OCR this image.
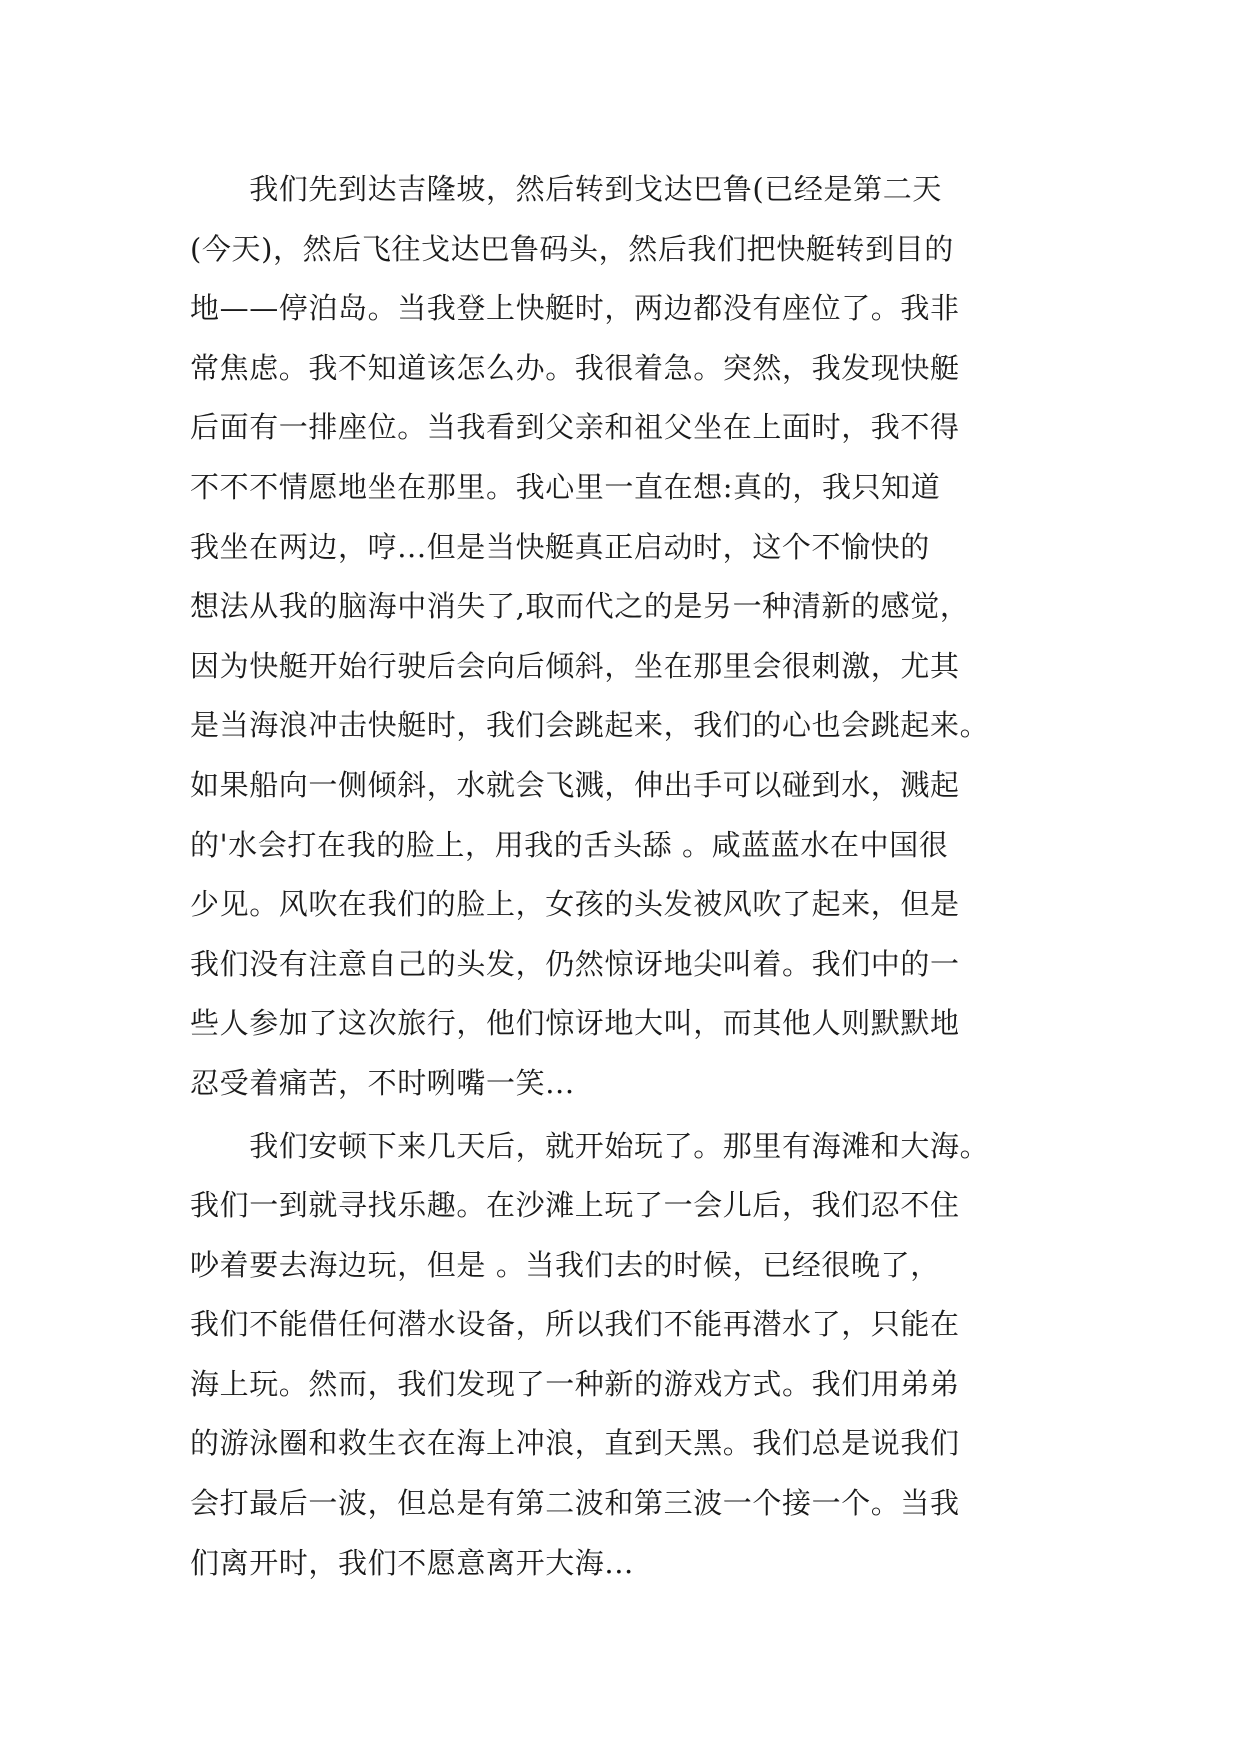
　　我们先到达吉隆坡，然后转到戈达巴鲁(已经是第二天
(今天)，然后飞往戈达巴鲁码头，然后我们把快艇转到目的
地——停泊岛。当我登上快艇时，两边都没有座位了。我非
常焦虑。我不知道该怎么办。我很着急。突然，我发现快艇
后面有一排座位。当我看到父亲和祖父坐在上面时，我不得
不不不情愿地坐在那里。我心里一直在想:真的，我只知道
我坐在两边，哼...但是当快艇真正启动时，这个不愉快的
想法从我的脑海中消失了,取而代之的是另一种清新的感觉，
因为快艇开始行驶后会向后倾斜，坐在那里会很刺激，尤其
是当海浪冲击快艇时，我们会跳起来，我们的心也会跳起来。
如果船向一侧倾斜，水就会飞溅，伸出手可以碰到水，溅起
的'水会打在我的脸上，用我的舌头舔 。咸蓝蓝水在中国很
少见。风吹在我们的脸上，女孩的头发被风吹了起来，但是
我们没有注意自己的头发，仍然惊讶地尖叫着。我们中的一
些人参加了这次旅行，他们惊讶地大叫，而其他人则默默地
忍受着痛苦，不时咧嘴一笑...
　　我们安顿下来几天后，就开始玩了。那里有海滩和大海。
我们一到就寻找乐趣。在沙滩上玩了一会儿后，我们忍不住
吵着要去海边玩，但是 。当我们去的时候，已经很晚了，
我们不能借任何潜水设备，所以我们不能再潜水了，只能在
海上玩。然而，我们发现了一种新的游戏方式。我们用弟弟
的游泳圈和救生衣在海上冲浪，直到天黑。我们总是说我们
会打最后一波，但总是有第二波和第三波一个接一个。当我
们离开时，我们不愿意离开大海...
